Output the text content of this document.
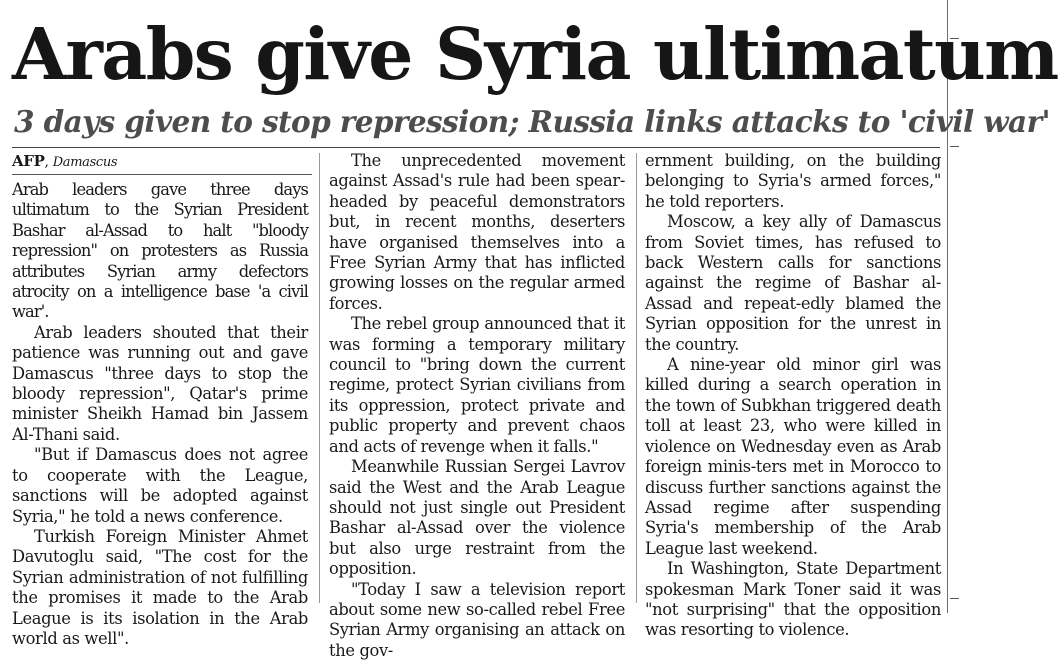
Arabs give Syria ultimatum
3 days given to stop repression; Russia links attacks to 'civil war'

AFP, Damascus

Arab leaders gave three days ultimatum to the Syrian President Bashar al-Assad to halt "bloody repression" on protesters as Russia attributes Syrian army defectors atrocity on a intelligence base 'a civil war'.

Arab leaders shouted that their patience was running out and gave Damascus "three days to stop the bloody repression", Qatar's prime minister Sheikh Hamad bin Jassem Al-Thani said.

"But if Damascus does not agree to cooperate with the League, sanctions will be adopted against Syria," he told a news conference.

Turkish Foreign Minister Ahmet Davutoglu said, "The cost for the Syrian administration of not fulfilling the promises it made to the Arab League is its isolation in the Arab world as well".

The unprecedented movement against Assad's rule had been spear-headed by peaceful demonstrators but, in recent months, deserters have organised themselves into a Free Syrian Army that has inflicted growing losses on the regular armed forces.

The rebel group announced that it was forming a temporary military council to "bring down the current regime, protect Syrian civilians from its oppression, protect private and public property and prevent chaos and acts of revenge when it falls."

Meanwhile Russian Sergei Lavrov said the West and the Arab League should not just single out President Bashar al-Assad over the violence but also urge restraint from the opposition.

"Today I saw a television report about some new so-called rebel Free Syrian Army organising an attack on the gov-

ernment building, on the building belonging to Syria's armed forces," he told reporters.

Moscow, a key ally of Damascus from Soviet times, has refused to back Western calls for sanctions against the regime of Bashar al-Assad and repeat-edly blamed the Syrian opposition for the unrest in the country.

A nine-year old minor girl was killed during a search operation in the town of Subkhan triggered death toll at least 23, who were killed in violence on Wednesday even as Arab foreign minis-ters met in Morocco to discuss further sanctions against the Assad regime after suspending Syria's membership of the Arab League last weekend.

In Washington, State Department spokesman Mark Toner said it was "not surprising" that the opposition was resorting to violence.
